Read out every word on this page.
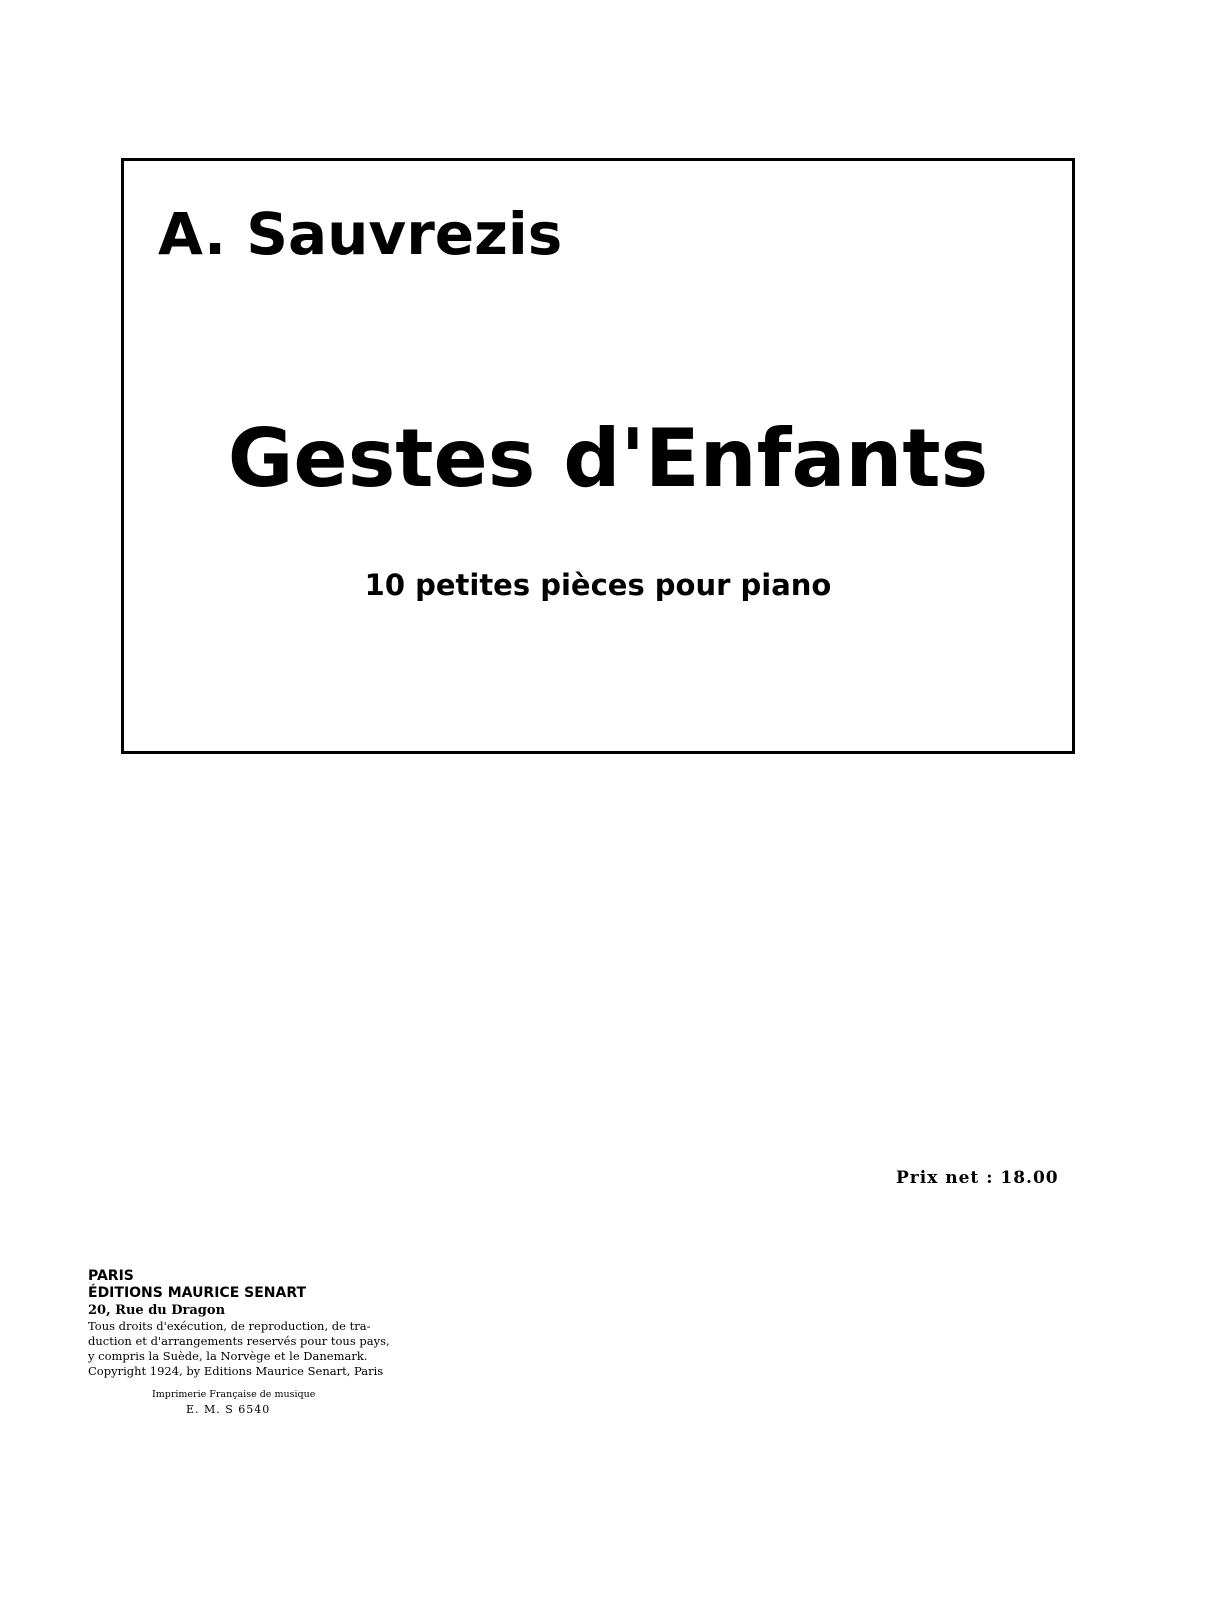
A. Sauvrezis
Gestes d'Enfants
10 petites pièces pour piano
Prix net : 18.00
PARIS
ÉDITIONS MAURICE SENART
20, Rue du Dragon
Tous droits d'exécution, de reproduction, de tra-
duction et d'arrangements reservés pour tous pays,
y compris la Suède, la Norvège et le Danemark.
Copyright 1924, by Editions Maurice Senart, Paris
Imprimerie Française de musique
E. M. S 6540
